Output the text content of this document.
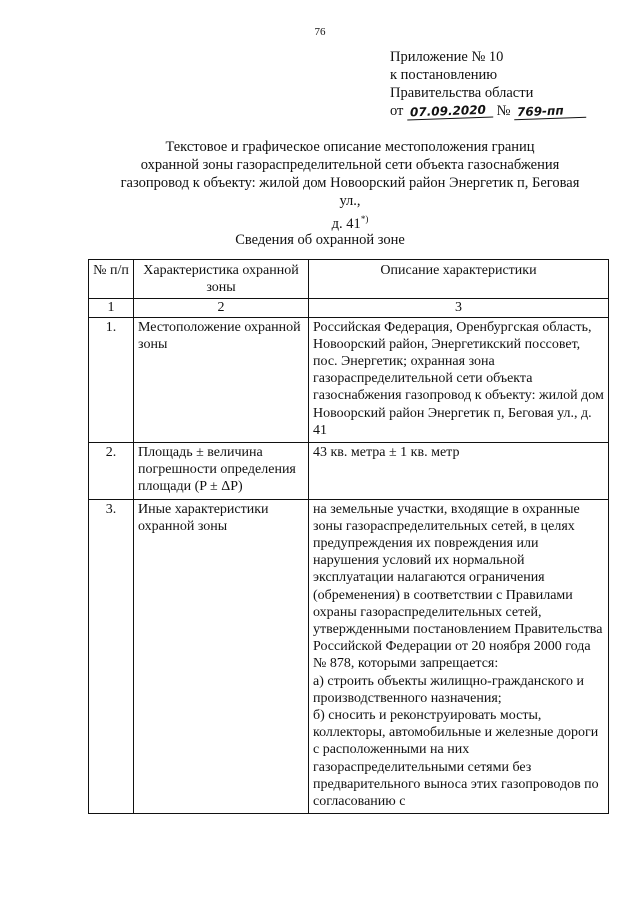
76
Приложение № 10
к постановлению
Правительства области
от 07.09.2020 № 769-пп
Текстовое и графическое описание местоположения границ
охранной зоны газораспределительной сети объекта газоснабжения
газопровод к объекту: жилой дом Новоорский район Энергетик п, Беговая ул.,
д. 41*)
Сведения об охранной зоне
№ п/п	Характеристика охранной зоны	Описание характеристики
1	2	3
1.	Местоположение охранной зоны	Российская Федерация, Оренбургская область, Новоорский район, Энергетикский поссовет, пос. Энергетик; охранная зона газораспределительной сети объекта газоснабжения газопровод к объекту: жилой дом Новоорский район Энергетик п, Беговая ул., д. 41
2.	Площадь ± величина погрешности определения площади (P ± ΔP)	43 кв. метра ± 1 кв. метр
3.	Иные характеристики охранной зоны	на земельные участки, входящие в охранные зоны газораспределительных сетей, в целях предупреждения их повреждения или нарушения условий их нормальной эксплуатации налагаются ограничения (обременения) в соответствии с Правилами охраны газораспределительных сетей, утвержденными постановлением Правительства Российской Федерации от 20 ноября 2000 года № 878, которыми запрещается:
а) строить объекты жилищно-гражданского и производственного назначения;
б) сносить и реконструировать мосты, коллекторы, автомобильные и железные дороги с расположенными на них газораспределительными сетями без предварительного выноса этих газопроводов по согласованию с
